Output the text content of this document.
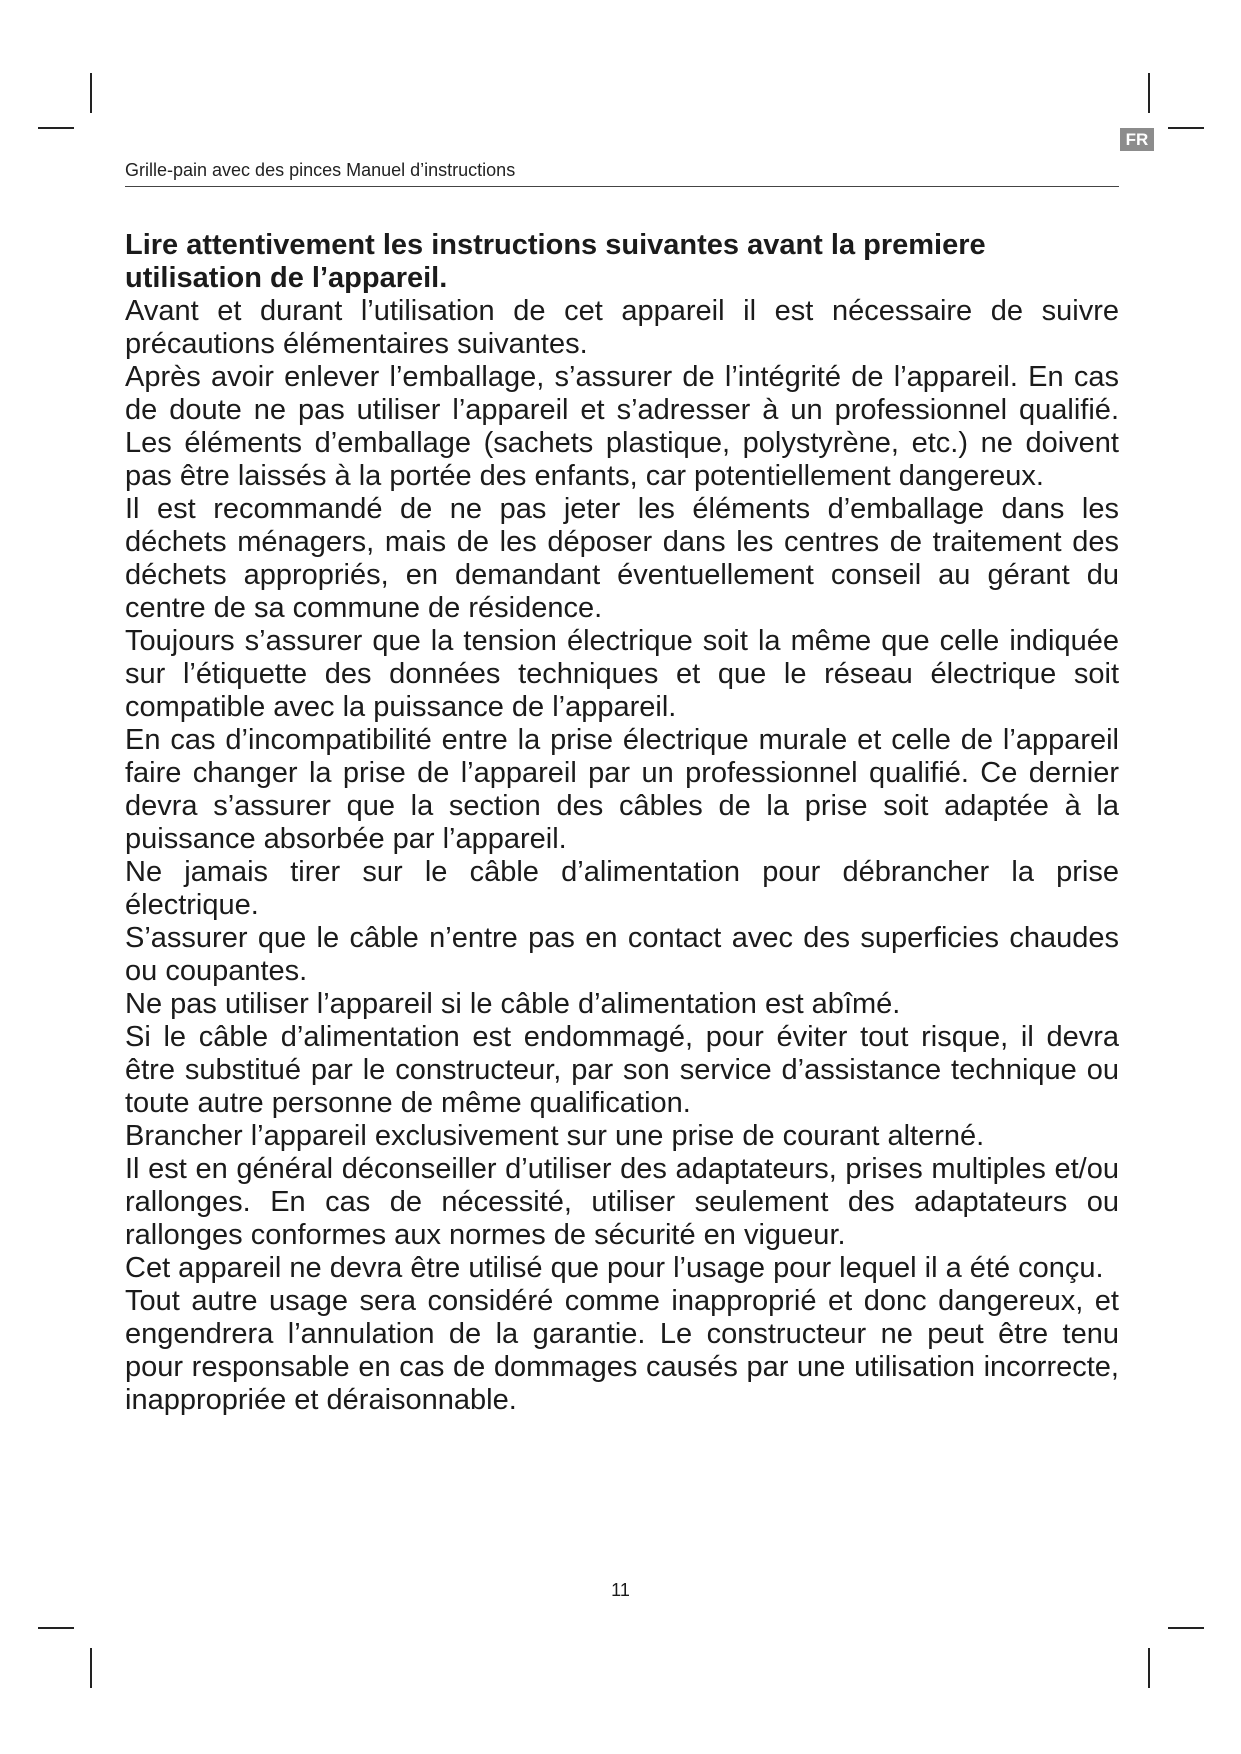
FR
Grille-pain avec des pinces Manuel d’instructions

Lire attentivement les instructions suivantes avant la premiere utilisation de l’appareil.

Avant et durant l’utilisation de cet appareil il est nécessaire de suivre précautions élémentaires suivantes.

Après avoir enlever l’emballage, s’assurer de l’intégrité de l’appareil. En cas de doute ne pas utiliser l’appareil et s’adresser à un professionnel qualifié. Les éléments d’emballage (sachets plastique, polystyrène, etc.) ne doivent pas être laissés à la portée des enfants, car potentiellement dangereux.

Il est recommandé de ne pas jeter les éléments d’emballage dans les déchets ménagers, mais de les déposer dans les centres de traitement des déchets appropriés, en demandant éventuellement conseil au gérant du centre de sa commune de résidence.

Toujours s’assurer que la tension électrique soit la même que celle indiquée sur l’étiquette des données techniques et que le réseau électrique soit compatible avec la puissance de l’appareil.

En cas d’incompatibilité entre la prise électrique murale et celle de l’appareil faire changer la prise de l’appareil par un professionnel qualifié. Ce dernier devra s’assurer que la section des câbles de la prise soit adaptée à la puissance absorbée par l’appareil.

Ne jamais tirer sur le câble d’alimentation pour débrancher la prise électrique.

S’assurer que le câble n’entre pas en contact avec des superficies chaudes ou coupantes.

Ne pas utiliser l’appareil si le câble d’alimentation est abîmé.

Si le câble d’alimentation est endommagé, pour éviter tout risque, il devra être substitué par le constructeur, par son service d’assistance technique ou toute autre personne de même qualification.

Brancher l’appareil exclusivement sur une prise de courant alterné.

Il est en général déconseiller d’utiliser des adaptateurs, prises multiples et/ou rallonges. En cas de nécessité, utiliser seulement des adaptateurs ou rallonges conformes aux normes de sécurité en vigueur.

Cet appareil ne devra être utilisé que pour l’usage pour lequel il a été conçu.

Tout autre usage sera considéré comme inapproprié et donc dangereux, et engendrera l’annulation de la garantie. Le constructeur ne peut être tenu pour responsable en cas de dommages causés par une utilisation incorrecte, inappropriée et déraisonnable.

11
